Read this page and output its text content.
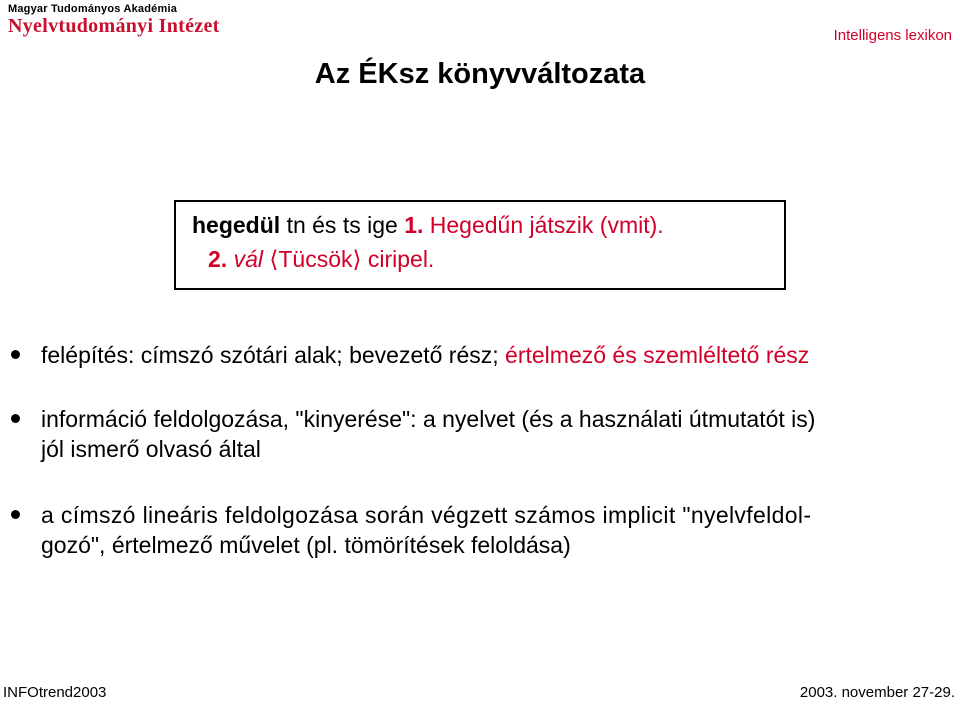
Magyar Tudományos Akadémia
Nyelvtudományi Intézet	Intelligens lexikon
Az ÉKsz könyvváltozata
hegedül tn és ts ige 1. Hegedűn játszik (vmit).
2. vál ⟨Tücsök⟩ ciripel.
felépítés: címszó szótári alak; bevezető rész; értelmező és szemléltető rész
információ feldolgozása, "kinyerése": a nyelvet (és a használati útmutatót is)
jól ismerő olvasó által
a címszó lineáris feldolgozása során végzett számos implicit "nyelvfeldol-
gozó", értelmező művelet (pl. tömörítések feloldása)
INFOtrend2003	2003. november 27-29.
